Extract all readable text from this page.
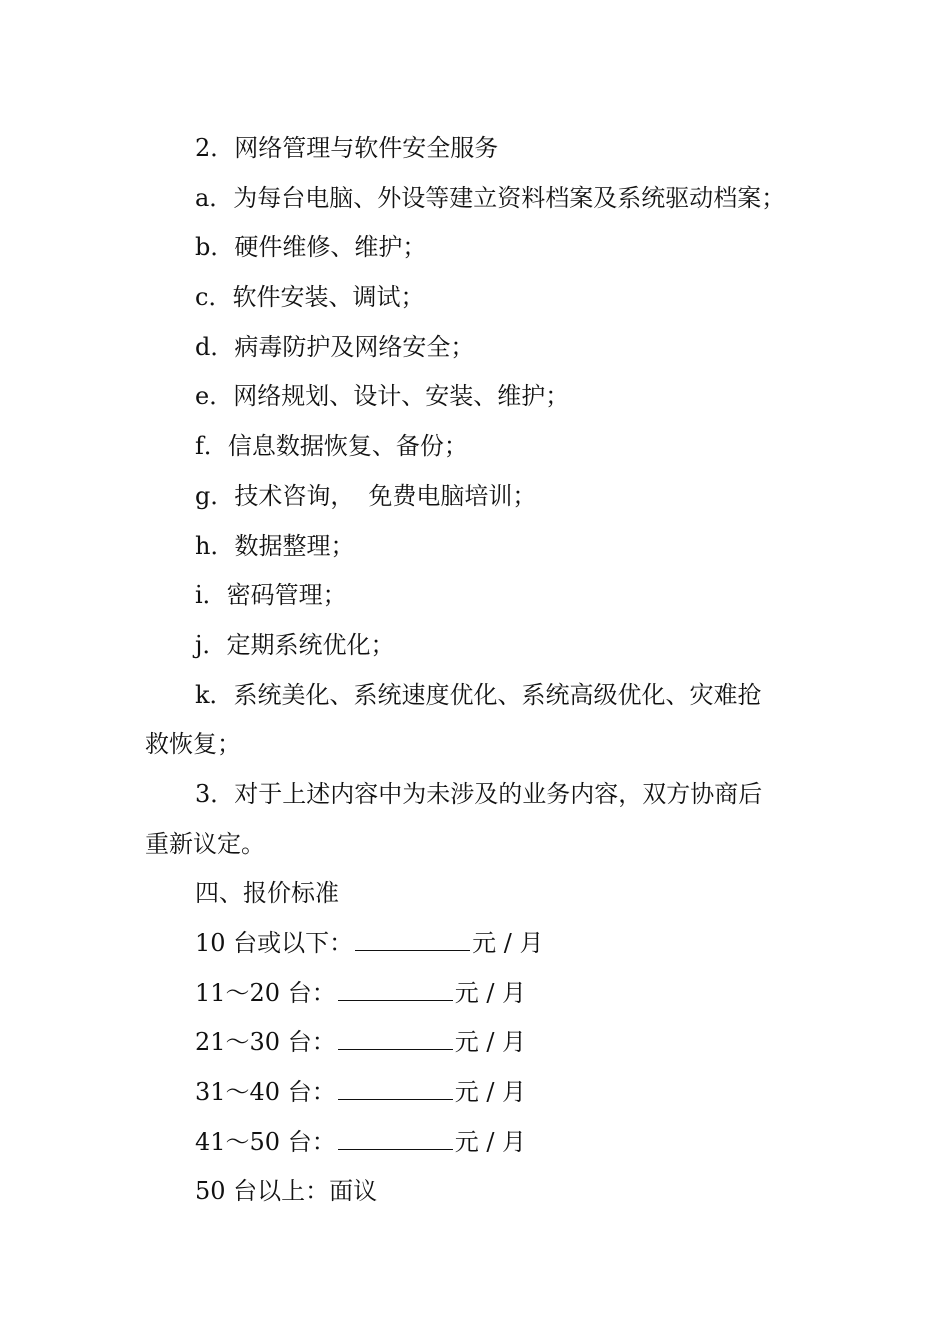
2．网络管理与软件安全服务
a．为每台电脑、外设等建立资料档案及系统驱动档案；
b．硬件维修、维护；
c．软件安装、调试；
d．病毒防护及网络安全；
e．网络规划、设计、安装、维护；
f．信息数据恢复、备份；
g．技术咨询， 免费电脑培训；
h．数据整理；
i．密码管理；
j．定期系统优化；
k．系统美化、系统速度优化、系统高级优化、灾难抢
救恢复；
3．对于上述内容中为未涉及的业务内容，双方协商后
重新议定。
四、报价标准
10 台或以下：	元 / 月
11～20 台：	元 / 月
21～30 台：	元 / 月
31～40 台：	元 / 月
41～50 台：	元 / 月
50 台以上：面议
